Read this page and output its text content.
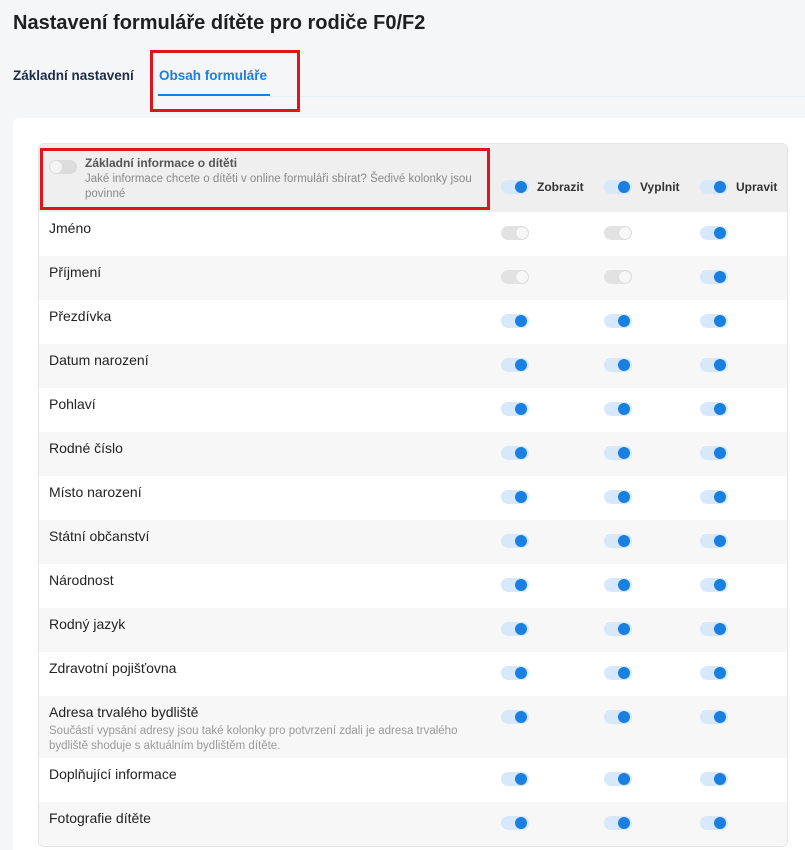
Nastavení formuláře dítěte pro rodiče F0/F2
Základní nastavení Obsah formuláře
Základní informace o dítěti
Jaké informace chcete o dítěti v online formuláři sbírat? Šedivé kolonky jsou povinné	Zobrazit	Vyplnit	Upravit
Jméno
Příjmení
Přezdívka
Datum narození
Pohlaví
Rodné číslo
Místo narození
Státní občanství
Národnost
Rodný jazyk
Zdravotní pojišťovna
Adresa trvalého bydliště
Součástí vypsání adresy jsou také kolonky pro potvrzení zdali je adresa trvalého bydliště shoduje s aktuálním bydlištěm dítěte.
Doplňující informace
Fotografie dítěte
